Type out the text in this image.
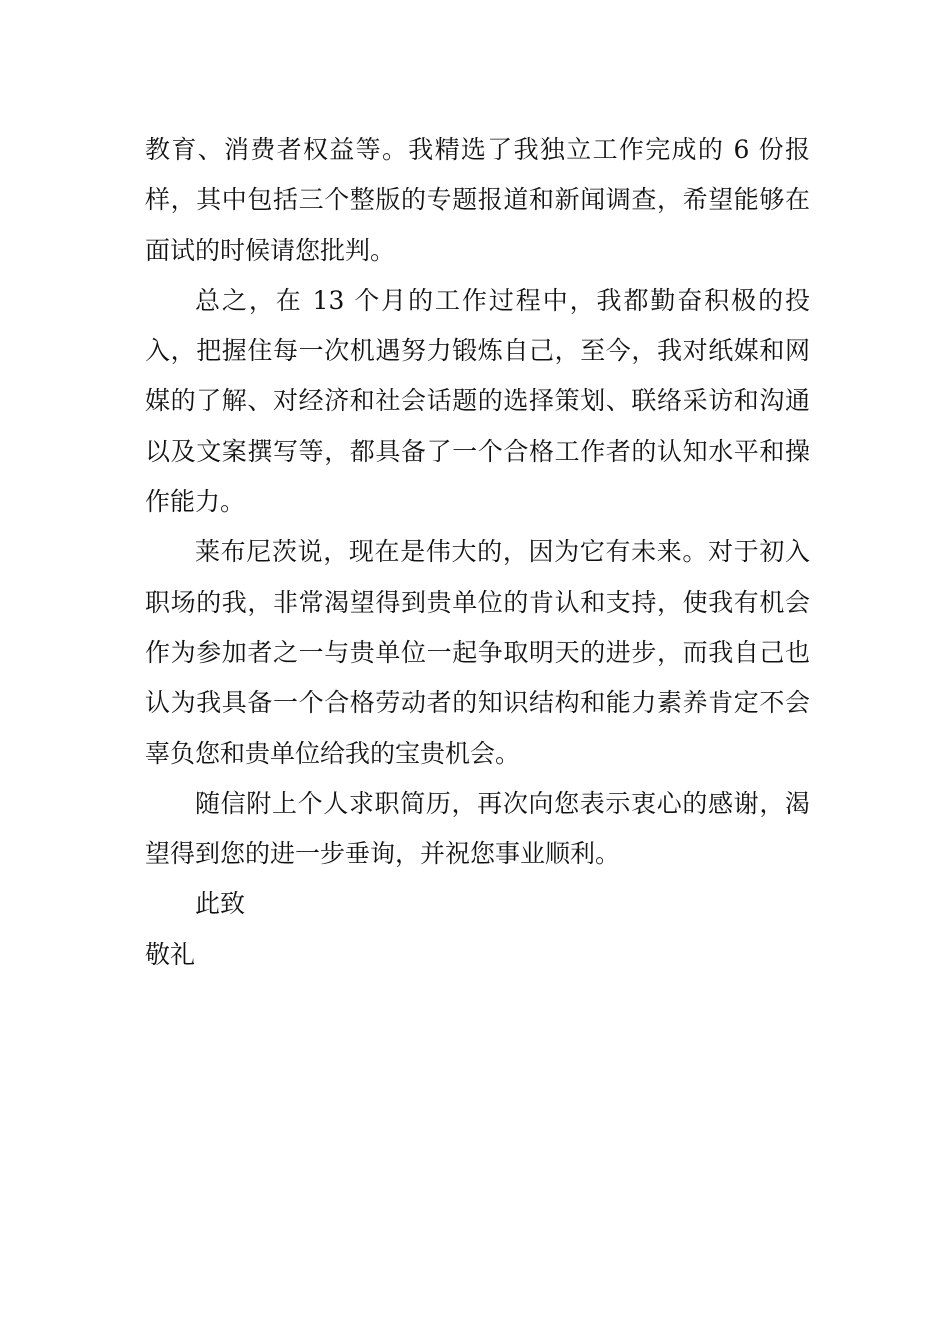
教育、消费者权益等。我精选了我独立工作完成的 6 份报样，其中包括三个整版的专题报道和新闻调查，希望能够在面试的时候请您批判。

总之，在 13 个月的工作过程中，我都勤奋积极的投入，把握住每一次机遇努力锻炼自己，至今，我对纸媒和网媒的了解、对经济和社会话题的选择策划、联络采访和沟通以及文案撰写等，都具备了一个合格工作者的认知水平和操作能力。

莱布尼茨说，现在是伟大的，因为它有未来。对于初入职场的我，非常渴望得到贵单位的肯认和支持，使我有机会作为参加者之一与贵单位一起争取明天的进步，而我自己也认为我具备一个合格劳动者的知识结构和能力素养肯定不会辜负您和贵单位给我的宝贵机会。

随信附上个人求职简历，再次向您表示衷心的感谢，渴望得到您的进一步垂询，并祝您事业顺利。

此致

敬礼
